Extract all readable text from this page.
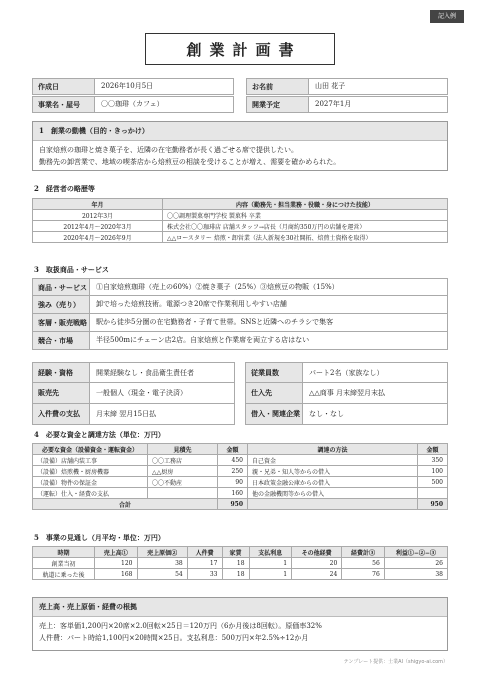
記入例
創業計画書
作成日	2026年10月5日	お名前	山田 花子
事業名・屋号	〇〇珈琲（カフェ）	開業予定	2027年1月
1　創業の動機（目的・きっかけ）
自家焙煎の珈琲と焼き菓子を、近隣の在宅勤務者が長く過ごせる席で提供したい。
勤務先の卸営業で、地域の喫茶店から焙煎豆の相談を受けることが増え、需要を確かめられた。
2　経営者の略歴等
年月	内容（勤務先・担当業務・役職・身につけた技能）
2012年3月	〇〇調理製菓専門学校 製菓科 卒業
2012年4月〜2020年3月	株式会社〇〇珈琲店 店舗スタッフ→店長（月商約350万円の店舗を運営）
2020年4月〜2026年9月	△△ロースタリー 焙煎・卸営業（法人新規を30社開拓、焙煎士資格を取得）
3　取扱商品・サービス
商品・サービス	①自家焙煎珈琲（売上の60%）②焼き菓子（25%）③焙煎豆の物販（15%）
強み（売り）	卸で培った焙煎技術。電源つき20席で作業利用しやすい店舗
客層・販売戦略	駅から徒歩5分圏の在宅勤務者・子育て世帯。SNSと近隣へのチラシで集客
競合・市場	半径500mにチェーン店2店。自家焙煎と作業席を両立する店はない
経験・資格	開業経験なし・食品衛生責任者
販売先	一般個人（現金・電子決済）
入件費の支払	月末締 翌月15日払
従業員数	パート2名（家族なし）
仕入先	△△商事 月末締翌月末払
借入・関連企業	なし・なし
4　必要な資金と調達方法（単位：万円）
必要な資金（設備資金・運転資金）	見積先	金額	調達の方法	金額
（設備）店舗内装工事	〇〇工務店	450	自己資金	350
（設備）焙煎機・厨房機器	△△厨房	250	親・兄弟・知人等からの借入	100
（設備）物件の保証金	〇〇不動産	90	日本政策金融公庫からの借入	500
（運転）仕入・経費の支払		160	他の金融機関等からの借入	
合計		950		950
5　事業の見通し（月平均・単位：万円）
時期	売上高①	売上原価②	人件費	家賃	支払利息	その他経費	経費計③	利益①−②−③
創業当初	120	38	17	18	1	20	56	26
軌道に乗った後	168	54	33	18	1	24	76	38
売上高・売上原価・経費の根拠
売上：客単価1,200円×20席×2.0回転×25日＝120万円（6か月後は8回転）。原価率32%
人件費：パート時給1,100円×20時間×25日。支払利息：500万円×年2.5%÷12か月
テンプレート提供：士業AI（shigyo-ai.com）
